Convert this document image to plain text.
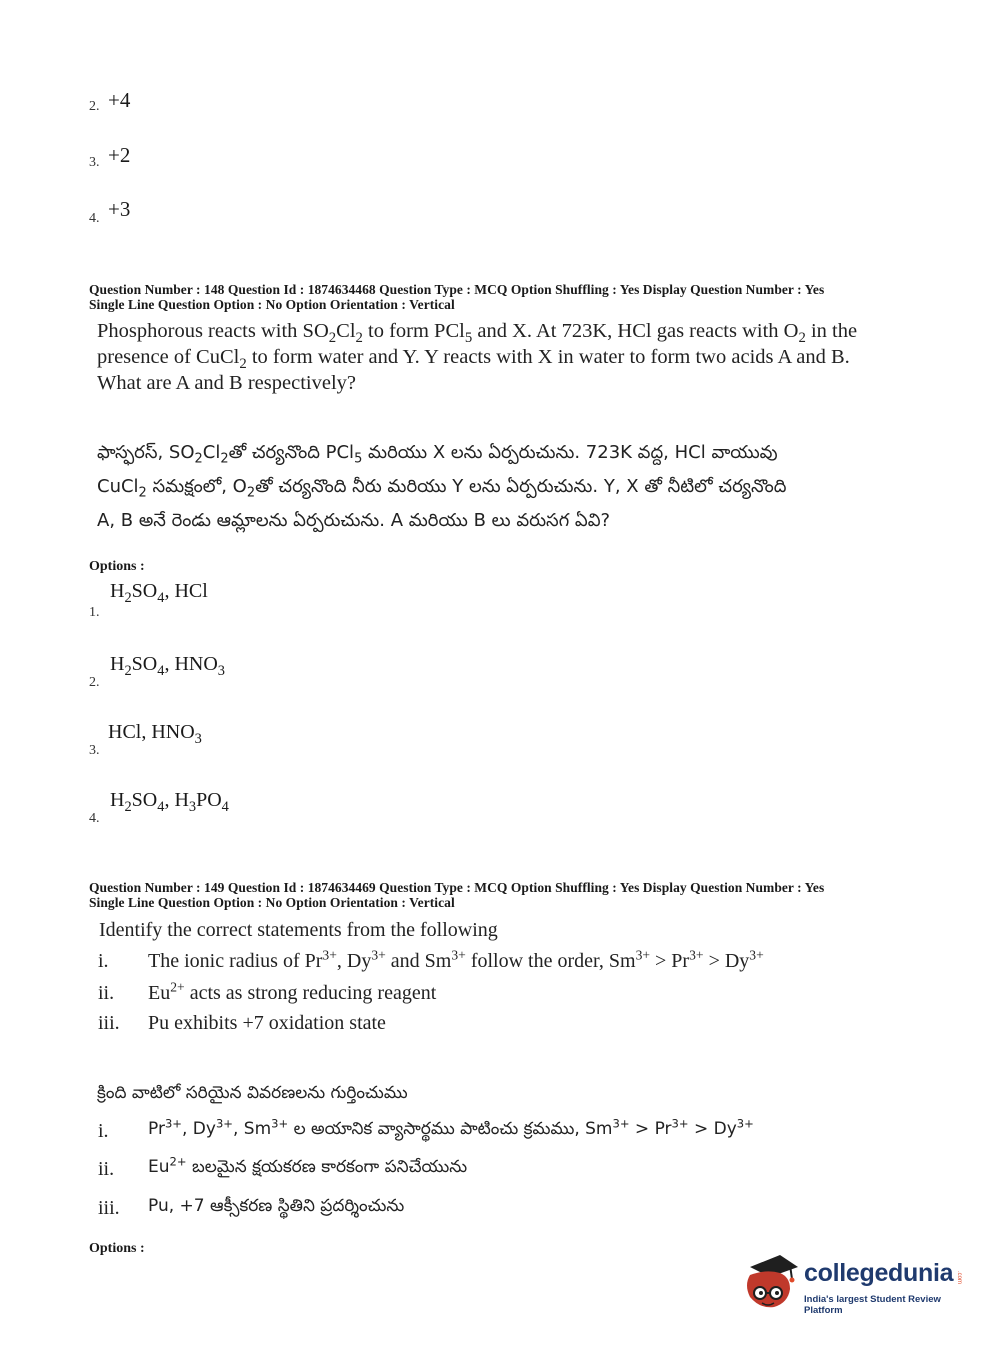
2. +4
3. +2
4. +3
Question Number : 148 Question Id : 1874634468 Question Type : MCQ Option Shuffling : Yes Display Question Number : Yes
Single Line Question Option : No Option Orientation : Vertical
Phosphorous reacts with $SO_2Cl_2$ to form PCl$_5$ and X. At 723K, HCl gas reacts with $O_2$ in the
presence of CuCl$_2$ to form water and Y. Y reacts with X in water to form two acids A and B.
What are A and B respectively?
ఫాస్ఫరస్, $SO_2Cl_2తో$ చర్యనొంది PCl$_5$ మరియు X లను ఏర్పరుచును. 723K వద్ద, HCl వాయువు
CuCl$_2$ సమక్షంలో, $O_2తో$ చర్యనొంది నీరు మరియు Y లను ఏర్పరుచును. Y, X తో నీటిలో చర్యనొంది
A, B అనే రెండు ఆమ్లాలను ఏర్పరుచును. A మరియు B లు వరుసగ ఏవి?
Options :
1.
$H_2SO_4$, HCl
2.
$H_2SO_4$, $HNO_3$
3.
HCl, $HNO_3$
4.
$H_2SO_4$, $H_3PO_4$
Question Number : 149 Question Id : 1874634469 Question Type : MCQ Option Shuffling : Yes Display Question Number : Yes
Single Line Question Option : No Option Orientation : Vertical
Identify the correct statements from the following
i. The ionic radius of $Pr^{3+}$, $Dy^{3+}$ and $Sm^{3+}$ follow the order, $Sm^{3+} > Pr^{3+} > Dy^{3+}$
ii. $Eu^{2+}$ acts as strong reducing reagent
iii. Pu exhibits +7 oxidation state
క్రింది వాటిలో సరియైన వివరణలను గుర్తించుము
i. $Pr^{3+}$, $Dy^{3+}$, $Sm^{3+}$ ల అయానిక వ్యాసార్థము పాటించు క్రమము, $Sm^{3+} > Pr^{3+} > Dy^{3+}$
ii. $Eu^{2+}$ బలమైన క్షయకరణ కారకంగా పనిచేయును
iii. Pu, +7 ఆక్సీకరణ స్థితిని ప్రదర్శించును
Options :
collegedunia .com
India's largest Student Review Platform
